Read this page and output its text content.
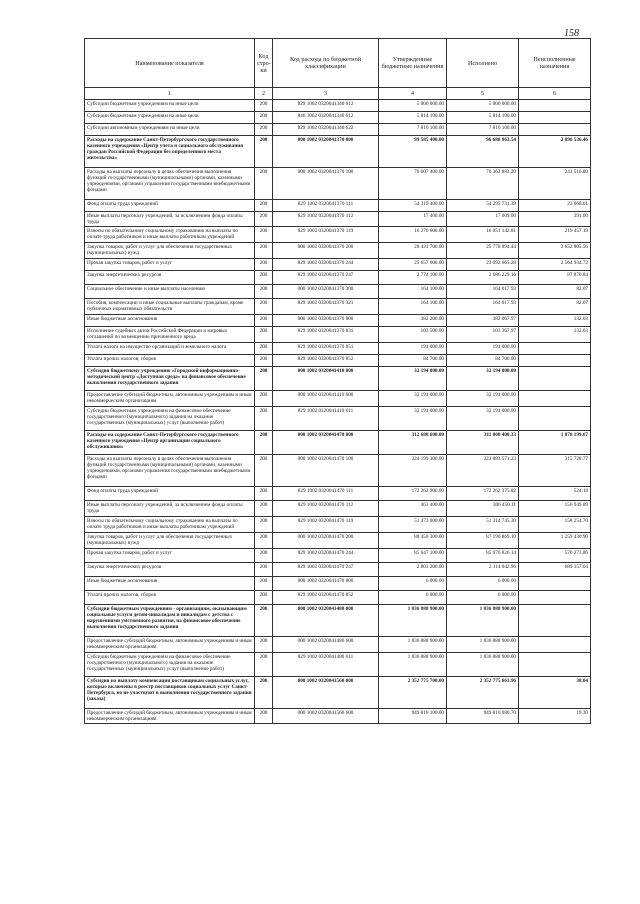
158
Наименование показателя	Код стро-ки	Код расхода по бюджетной классификации	Утвержденные бюджетные назначения	Исполнено	Неисполненные назначения
1	2	3	4	5	6
Субсидии бюджетным учреждениям на иные цели	200	829 1002 0320041340 612	5 000 000.00	5 000 000.00	
Субсидии бюджетным учреждениям на иные цели	200	846 1002 0320041340 612	5 814 100.00	5 814 100.00	
Субсидии автономным учреждениям на иные цели	200	829 1002 0320041340 622	7 816 100.00	7 816 100.00	
Расходы на содержание Санкт-Петербургского государственного казенного учреждения «Центр учета и социального обслуживания граждан Российской Федерации без определенного места жительства»	200	000 1002 0320041370 000	99 585 400.00	96 688 863.54	2 896 536.46
Расходы на выплаты персоналу в целях обеспечения выполнения функций государственными (муниципальными) органами, казенными учреждениями, органами управления государственными внебюджетными фондами	200	000 1002 0320041370 100	70 607 400.00	70 363 883.20	243 516.80
Фонд оплаты труда учреждений	200	829 1002 0320041370 111	54 319 400.00	54 295 731.39	23 668.61
Иные выплаты персоналу учреждений, за исключением фонда оплаты труда	200	829 1002 0320041370 112	17 400.00	17 009.00	391.00
Взносы по обязательному социальному страхованию на выплаты по оплате труда работников и иные выплаты работникам учреждений	200	829 1002 0320041370 119	16 270 600.00	16 051 142.81	219 457.19
Закупка товаров, работ и услуг для обеспечения государственных (муниципальных) нужд	200	000 1002 0320041370 200	28 431 700.00	25 778 894.44	2 652 805.56
Прочая закупка товаров, работ и услуг	200	829 1002 0320041370 244	25 657 600.00	23 092 665.28	2 564 934.72
Закупка энергетических ресурсов	200	829 1002 0320041370 247	2 774 100.00	2 686 229.16	87 870.84
Социальное обеспечение и иные выплаты населению	200	000 1002 0320041370 300	164 100.00	164 017.93	82.07
Пособия, компенсации и иные социальные выплаты гражданам, кроме публичных нормативных обязательств	200	829 1002 0320041370 321	164 100.00	164 017.93	82.07
Иные бюджетные ассигнования	200	000 1002 0320041370 800	382 200.00	382 067.97	132.03
Исполнение судебных актов Российской Федерации и мировых соглашений по возмещению причиненного вреда	200	829 1002 0320041370 831	103 500.00	103 367.97	132.03
Уплата налога на имущество организаций и земельного налога	200	829 1002 0320041370 851	194 000.00	194 000.00	
Уплата прочих налогов, сборов	200	829 1002 0320041370 852	84 700.00	84 700.00	
Субсидия бюджетному учреждению «Городской информационно-методический центр «Доступная среда» на финансовое обеспечение выполнения государственного задания	200	000 1002 0320041410 000	32 194 000.00	32 194 000.00	
Предоставление субсидий бюджетным, автономным учреждениям и иным некоммерческим организациям	200	000 1002 0320041410 600	32 194 000.00	32 194 000.00	
Субсидии бюджетным учреждениям на финансовое обеспечение государственного (муниципального) задания на оказание государственных (муниципальных) услуг (выполнение работ)	200	829 1002 0320041410 611	32 194 000.00	32 194 000.00	
Расходы на содержание Санкт-Петербургского государственного казенного учреждения «Центр организации социального обслуживания»	200	000 1002 0320041470 000	312 688 600.00	311 000 400.33	1 878 199.67
Расходы на выплаты персоналу в целях обеспечения выполнения функций государственными (муниципальными) органами, казенными учреждениями, органами управления государственными внебюджетными фондами	200	000 1002 0320041470 100	224 199 300.00	223 883 571.23	315 728.77
Фонд оплаты труда учреждений	200	829 1002 0320041470 111	172 262 900.00	172 262 375.82	524.18
Иные выплаты персоналу учреждений, за исключением фонда оплаты труда	200	829 1002 0320041470 112	463 400.00	306 450.11	156 949.89
Взносы по обязательному социальному страхованию на выплаты по оплате труда работников и иные выплаты работникам учреждений	200	829 1002 0320041470 119	51 473 000.00	51 314 745.30	158 254.70
Закупка товаров, работ и услуг для обеспечения государственных (муниципальных) нужд	200	000 1002 0320041470 200	88 450 300.00	87 190 869.10	1 259 430.90
Прочая закупка товаров, работ и услуг	200	829 1002 0320041470 244	85 647 100.00	85 076 826.14	570 273.86
Закупка энергетических ресурсов	200	829 1002 0320041470 247	2 803 200.00	2 114 042.96	689 157.04
Иные бюджетные ассигнования	200	000 1002 0320041470 800	6 000.00	6 000.00	
Уплата прочих налогов, сборов	200	829 1002 0320041470 852	6 000.00	6 000.00	
Субсидии бюджетным учреждениям - организациям, оказывающим социальные услуги детям-инвалидам и инвалидам с детства с нарушениями умственного развития, на финансовое обеспечение выполнения государственного задания	200	000 1002 0320041480 000	1 836 888 900.00	1 836 888 900.00	
Предоставление субсидий бюджетным, автономным учреждениям и иным некоммерческим организациям	200	000 1002 0320041480 600	1 836 888 900.00	1 836 888 900.00	
Субсидии бюджетным учреждениям на финансовое обеспечение государственного (муниципального) задания на оказание государственных (муниципальных) услуг (выполнение работ)	200	829 1002 0320041480 611	1 836 888 900.00	1 836 888 900.00	
Субсидия на выплату компенсации поставщикам социальных услуг, которые включены в реестр поставщиков социальных услуг Санкт-Петербурга, но не участвуют в выполнении государственного задания (заказа)	200	000 1002 0320041560 000	2 352 775 700.00	2 352 775 661.96	38.04
Предоставление субсидий бюджетным, автономным учреждениям и иным некоммерческим организациям	200	000 1002 0320041560 600	949 810 100.00	949 810 080.70	19.30
